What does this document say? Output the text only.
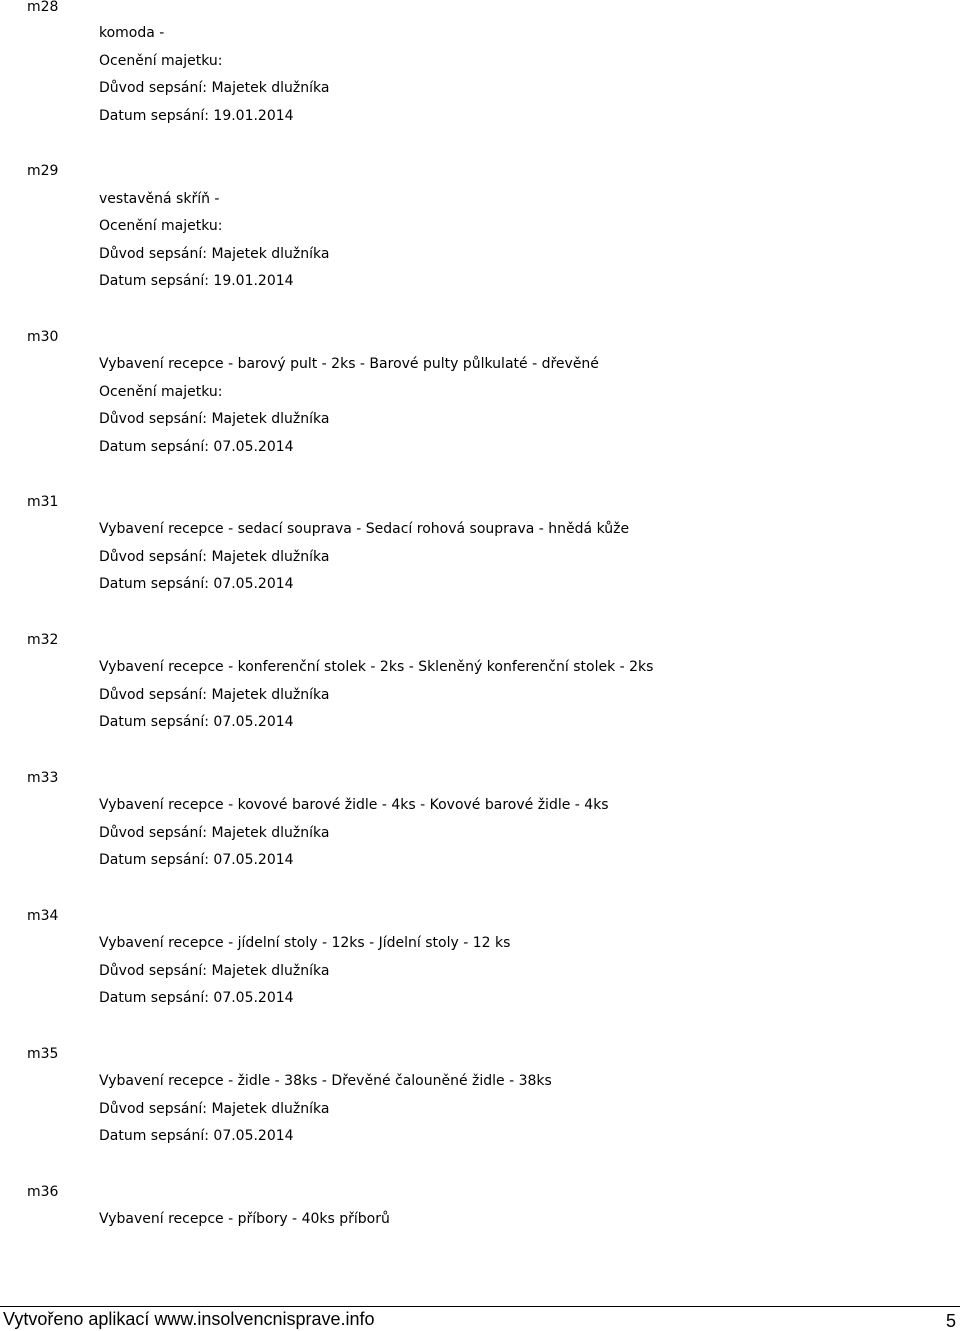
m28

komoda -

Ocenění majetku:

Důvod sepsání: Majetek dlužníka

Datum sepsání: 19.01.2014

m29

vestavěná skříň -

Ocenění majetku:

Důvod sepsání: Majetek dlužníka

Datum sepsání: 19.01.2014

m30

Vybavení recepce - barový pult - 2ks - Barové pulty půlkulaté - dřevěné

Ocenění majetku:

Důvod sepsání: Majetek dlužníka

Datum sepsání: 07.05.2014

m31

Vybavení recepce - sedací souprava - Sedací rohová souprava - hnědá kůže

Důvod sepsání: Majetek dlužníka

Datum sepsání: 07.05.2014

m32

Vybavení recepce - konferenční stolek - 2ks - Skleněný konferenční stolek - 2ks

Důvod sepsání: Majetek dlužníka

Datum sepsání: 07.05.2014

m33

Vybavení recepce - kovové barové židle - 4ks - Kovové barové židle - 4ks

Důvod sepsání: Majetek dlužníka

Datum sepsání: 07.05.2014

m34

Vybavení recepce - jídelní stoly - 12ks - Jídelní stoly - 12 ks

Důvod sepsání: Majetek dlužníka

Datum sepsání: 07.05.2014

m35

Vybavení recepce - židle - 38ks - Dřevěné čalouněné židle - 38ks

Důvod sepsání: Majetek dlužníka

Datum sepsání: 07.05.2014

m36

Vybavení recepce - příbory - 40ks příborů

Vytvořeno aplikací www.insolvencnisprave.info	5
